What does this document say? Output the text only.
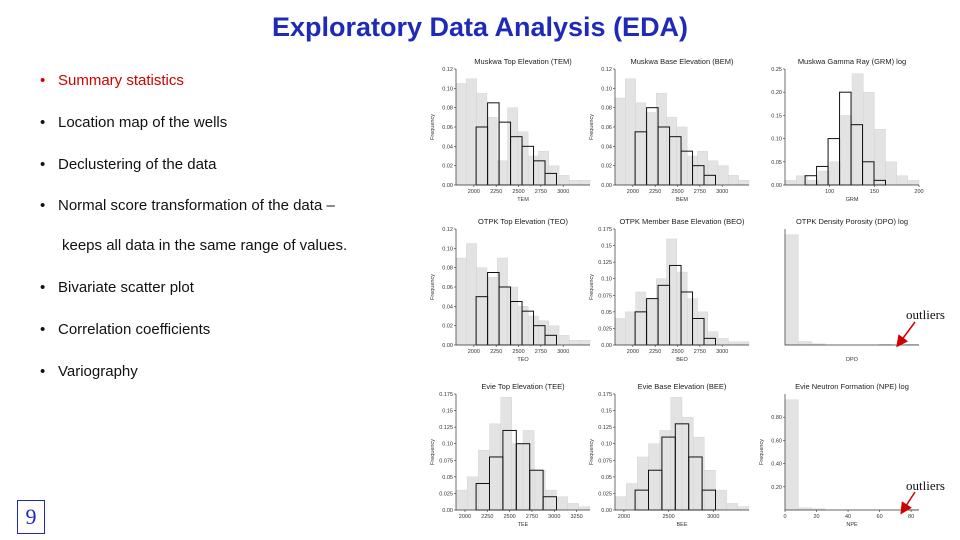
Exploratory Data Analysis (EDA)
• Summary statistics
• Location map of the wells
• Declustering of the data
• Normal score transformation of the data –
• Bivariate scatter plot
• Correlation coefficients
• Variography
keeps all data in the same range of values.
Muskwa Top Elevation (TEM)
0.00
0.02
0.04
0.06
0.08
0.10
0.12
2000 2250 2500 2750 3000
TEM
Frequency
Muskwa Base Elevation (BEM)
0.00
0.02
0.04
0.06
0.08
0.10
0.12
2000 2250 2500 2750 3000
BEM
Frequency
Muskwa Gamma Ray (GRM) log
0.00
0.05
0.10
0.15
0.20
0.25
100	150	200
GRM
OTPK Top Elevation (TEO)
0.00
0.02
0.04
0.06
0.08
0.10
0.12
2000 2250 2500 2750 3000
TEO
Frequency
OTPK Member Base Elevation (BEO)
0.00
0.025
0.05
0.075
0.10
0.125
0.15
0.175
2000 2250 2500 2750 3000
BEO
Frequency
OTPK Density Porosity (DPO) log
DPO
Evie Top Elevation (TEE)
0.00
0.025
0.05
0.075
0.10
0.125
0.15
0.175
2000 2250 2500 2750 3000 3250
TEE
Frequency
Evie Base Elevation (BEE)
0.00
0.025
0.05
0.075
0.10
0.125
0.15
0.175
2000	2500	3000
BEE
Frequency
Evie Neutron Formation (NPE) log
0.20
0.40
0.60
0.80
0	20	40	60	80
NPE
Frequency
outliers
outliers
9
